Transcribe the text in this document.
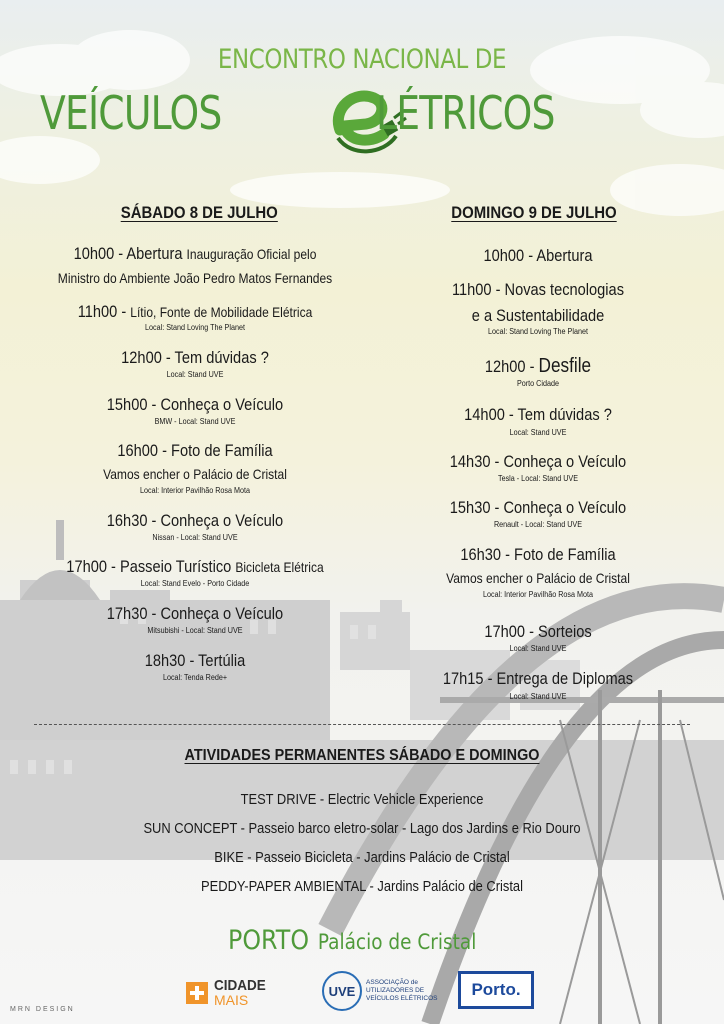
ENCONTRO NACIONAL DE
VEÍCULOS	LÉTRICOS
SÁBADO 8 DE JULHO
10h00 - Abertura Inauguração Oficial pelo
Ministro do Ambiente João Pedro Matos Fernandes
11h00 - Lítio, Fonte de Mobilidade Elétrica
Local: Stand Loving The Planet
12h00 - Tem dúvidas ?
Local: Stand UVE
15h00 - Conheça o Veículo
BMW - Local: Stand UVE
16h00 - Foto de Família
Vamos encher o Palácio de Cristal
Local: Interior Pavilhão Rosa Mota
16h30 - Conheça o Veículo
Nissan - Local: Stand UVE
17h00 - Passeio Turístico Bicicleta Elétrica
Local: Stand Evelo - Porto Cidade
17h30 - Conheça o Veículo
Mitsubishi - Local: Stand UVE
18h30 - Tertúlia
Local: Tenda Rede+
DOMINGO 9 DE JULHO
10h00 - Abertura
11h00 - Novas tecnologias
e a Sustentabilidade
Local: Stand Loving The Planet
12h00 - Desfile
Porto Cidade
14h00 - Tem dúvidas ?
Local: Stand UVE
14h30 - Conheça o Veículo
Tesla - Local: Stand UVE
15h30 - Conheça o Veículo
Renault - Local: Stand UVE
16h30 - Foto de Família
Vamos encher o Palácio de Cristal
Local: Interior Pavilhão Rosa Mota
17h00 - Sorteios
Local: Stand UVE
17h15 - Entrega de Diplomas
Local: Stand UVE
ATIVIDADES PERMANENTES SÁBADO E DOMINGO
TEST DRIVE - Electric Vehicle Experience
SUN CONCEPT - Passeio barco eletro-solar - Lago dos Jardins e Rio Douro
BIKE - Passeio Bicicleta - Jardins Palácio de Cristal
PEDDY-PAPER AMBIENTAL - Jardins Palácio de Cristal
PORTO Palácio de Cristal
CIDADE
MAIS
UVE
ASSOCIAÇÃO de
UTILIZADORES DE
VEÍCULOS ELÉTRICOS	Porto.
MRN DESIGN
